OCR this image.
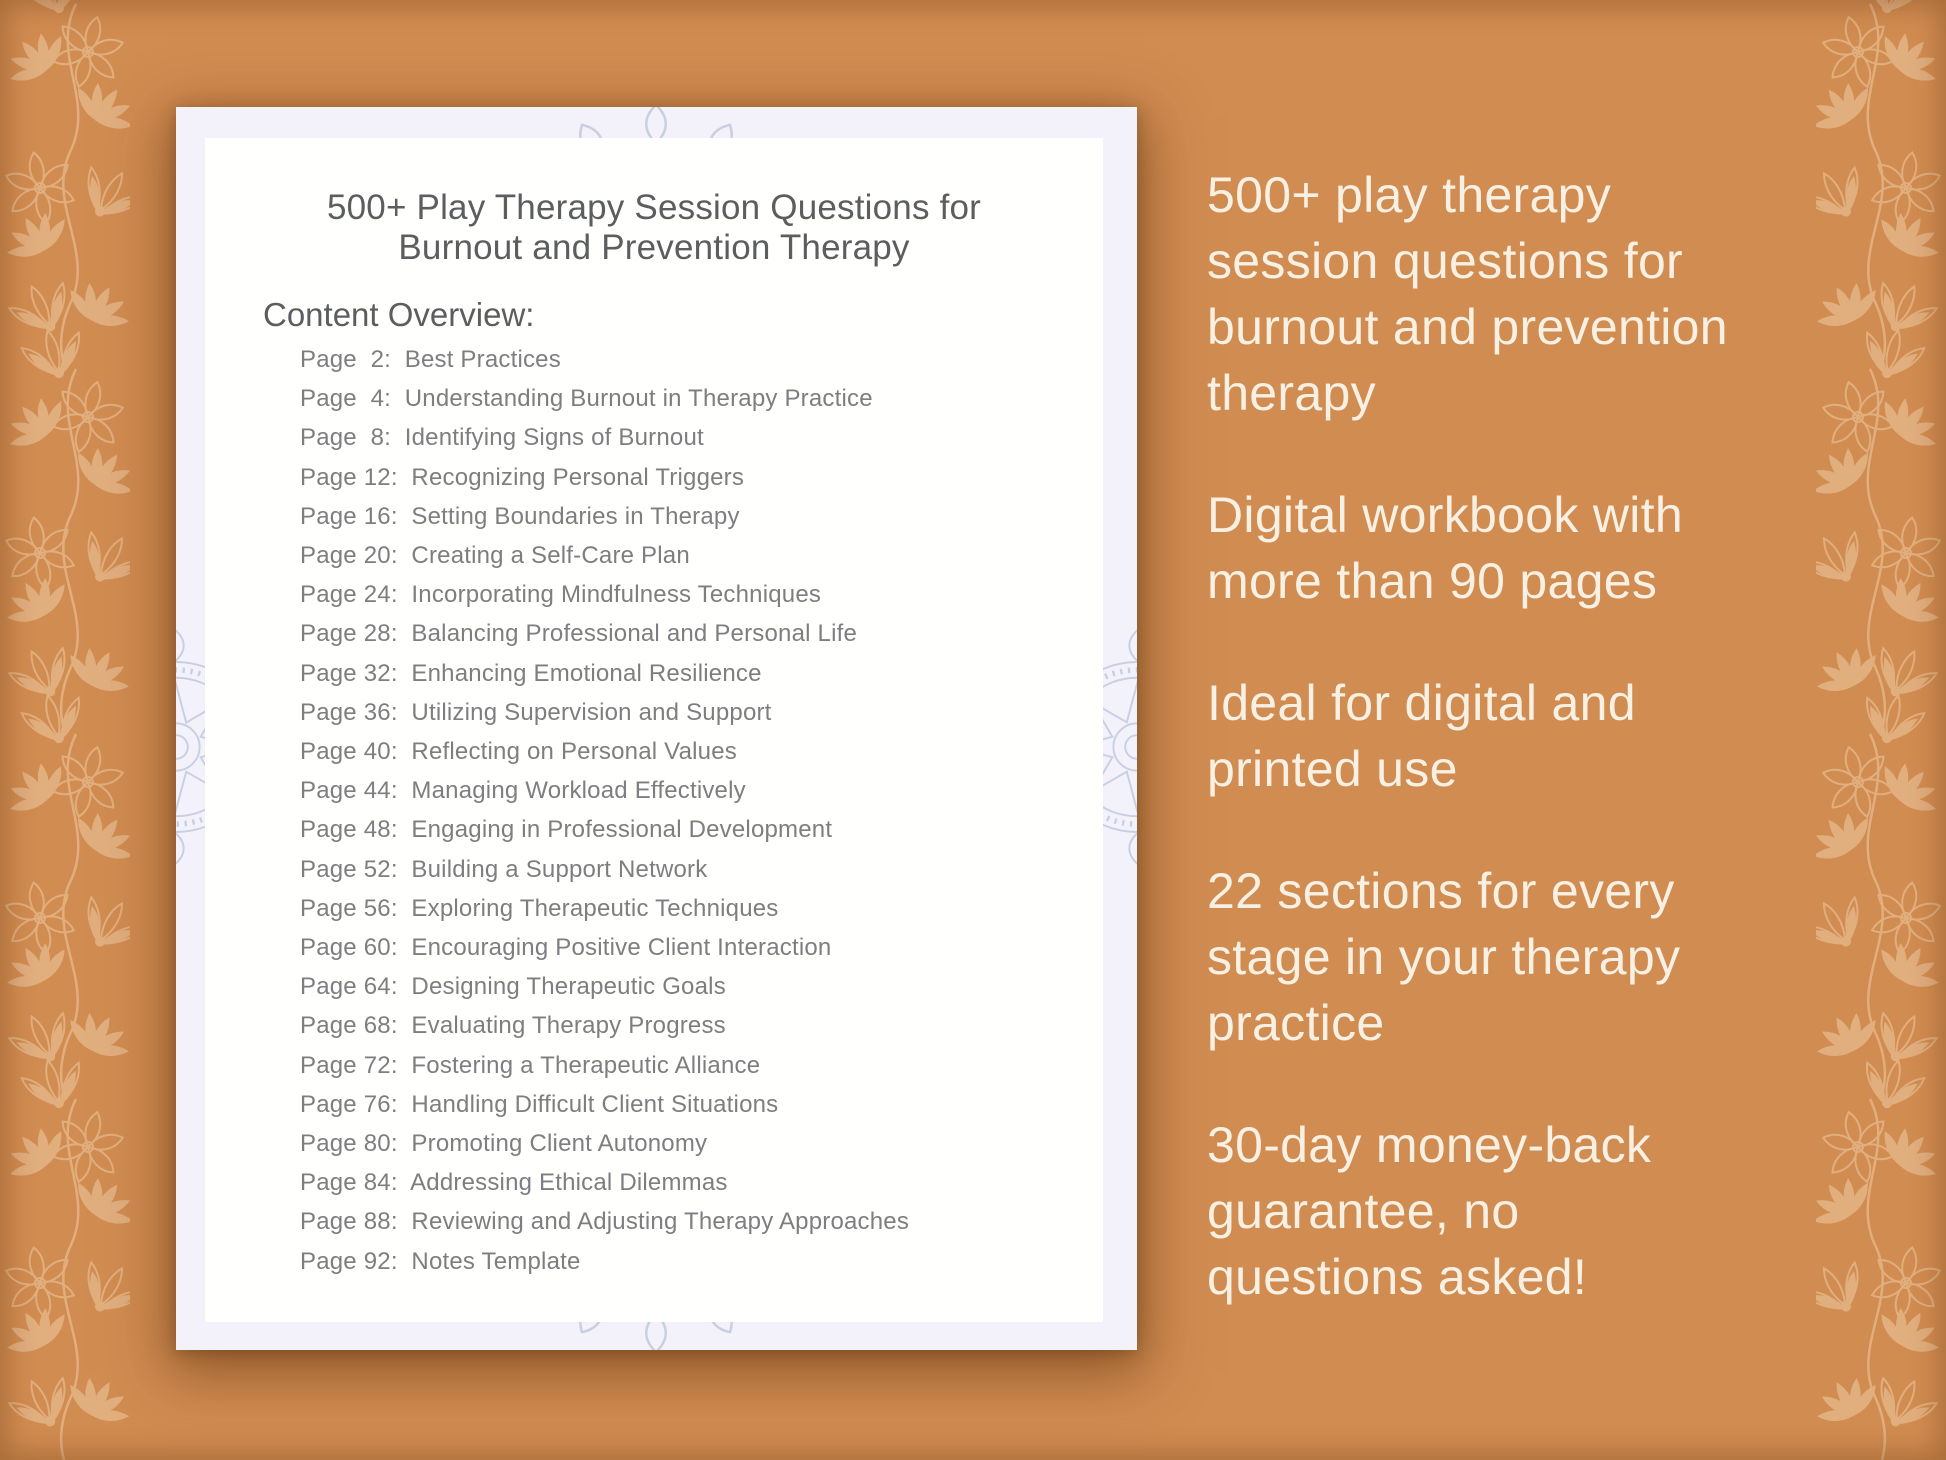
500+ Play Therapy Session Questions for
Burnout and Prevention Therapy
Content Overview:
Page  2:  Best Practices
Page  4:  Understanding Burnout in Therapy Practice
Page  8:  Identifying Signs of Burnout
Page 12:  Recognizing Personal Triggers
Page 16:  Setting Boundaries in Therapy
Page 20:  Creating a Self-Care Plan
Page 24:  Incorporating Mindfulness Techniques
Page 28:  Balancing Professional and Personal Life
Page 32:  Enhancing Emotional Resilience
Page 36:  Utilizing Supervision and Support
Page 40:  Reflecting on Personal Values
Page 44:  Managing Workload Effectively
Page 48:  Engaging in Professional Development
Page 52:  Building a Support Network
Page 56:  Exploring Therapeutic Techniques
Page 60:  Encouraging Positive Client Interaction
Page 64:  Designing Therapeutic Goals
Page 68:  Evaluating Therapy Progress
Page 72:  Fostering a Therapeutic Alliance
Page 76:  Handling Difficult Client Situations
Page 80:  Promoting Client Autonomy
Page 84:  Addressing Ethical Dilemmas
Page 88:  Reviewing and Adjusting Therapy Approaches
Page 92:  Notes Template
500+ play therapy
session questions for
burnout and prevention
therapy
Digital workbook with
more than 90 pages
Ideal for digital and
printed use
22 sections for every
stage in your therapy
practice
30-day money-back
guarantee, no
questions asked!
